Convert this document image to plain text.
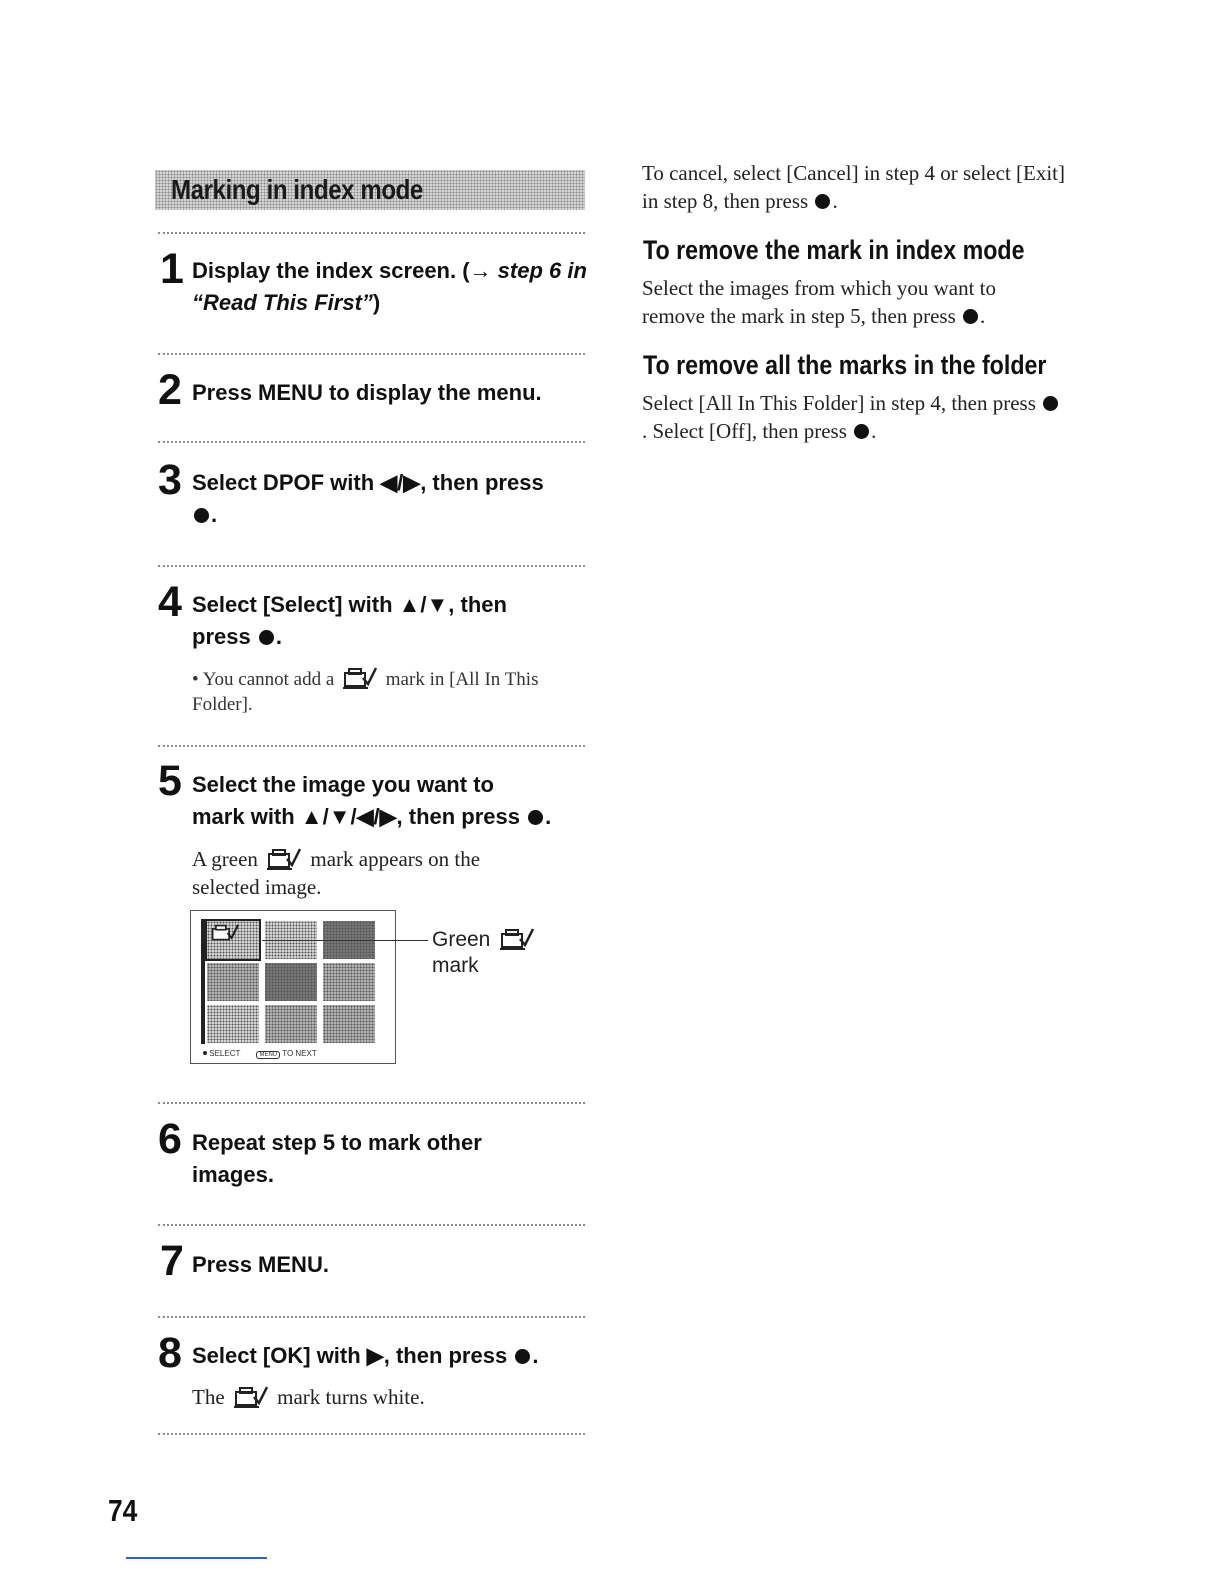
Marking in index mode
1 Display the index screen. (→ step 6 in “Read This First”)
2 Press MENU to display the menu.
3 Select DPOF with ◀/▶, then press
.
4 Select [Select] with ▲/▼, then
press .
• You cannot add a	mark in [All In This Folder].
5 Select the image you want to
mark with ▲/▼/◀/▶, then press .
A green	mark appears on the selected image.
SELECT	MENU TO NEXT
Green
mark
6 Repeat step 5 to mark other images.
7 Press MENU.
8 Select [OK] with ▶, then press .
The	mark turns white.
To cancel, select [Cancel] in step 4 or select [Exit] in step 8, then press .
To remove the mark in index mode
Select the images from which you want to remove the mark in step 5, then press .
To remove all the marks in the folder
Select [All In This Folder] in step 4, then press . Select [Off], then press .
74
